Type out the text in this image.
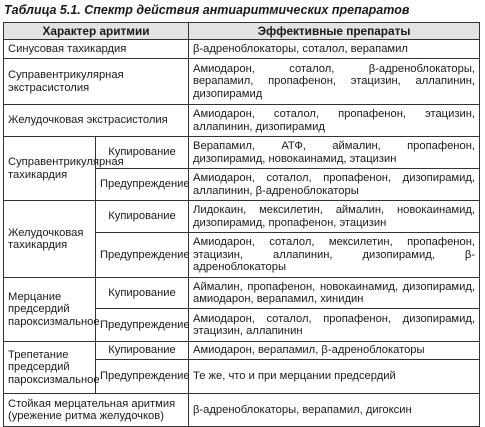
Таблица 5.1. Спектр действия антиаритмических препаратов
Характер аритмии		Эффективные препараты
Синусовая тахикардия		β-адреноблокаторы, соталол, верапамил
Суправентрикулярная экстрасистолия		Амиодарон, соталол, β-адреноблокаторы, верапамил, пропафенон, этацизин, аллапинин, дизопирамид
Желудочковая экстрасистолия		Амиодарон, соталол, пропафенон, этацизин, аллапинин, дизопирамид
Суправентрикулярная тахикардия	Купирование	Верапамил, АТФ, аймалин, пропафенон, дизопирамид, новокаинамид, этацизин
	Предупреждение	Амиодарон, соталол, пропафенон, дизопирамид, аллапинин, β-адреноблокаторы
Желудочковая тахикардия	Купирование	Лидокаин, мексилетин, аймалин, новокаинамид, дизопирамид, пропафенон, этацизин
	Предупреждение	Амиодарон, соталол, мексилетин, пропафенон, этацизин, аллапинин, дизопирамид, β-адреноблокаторы
Мерцание предсердий пароксизмальное	Купирование	Аймалин, пропафенон, новокаинамид, дизопирамид, амиодарон, верапамил, хинидин
	Предупреждение	Амиодарон, соталол, пропафенон, дизопирамид, этацизин, аллапинин
Трепетание предсердий пароксизмальное	Купирование	Амиодарон, верапамил, β-адреноблокаторы
	Предупреждение	Те же, что и при мерцании предсердий
Стойкая мерцательная аритмия (урежение ритма желудочков)		β-адреноблокаторы, верапамил, дигоксин
